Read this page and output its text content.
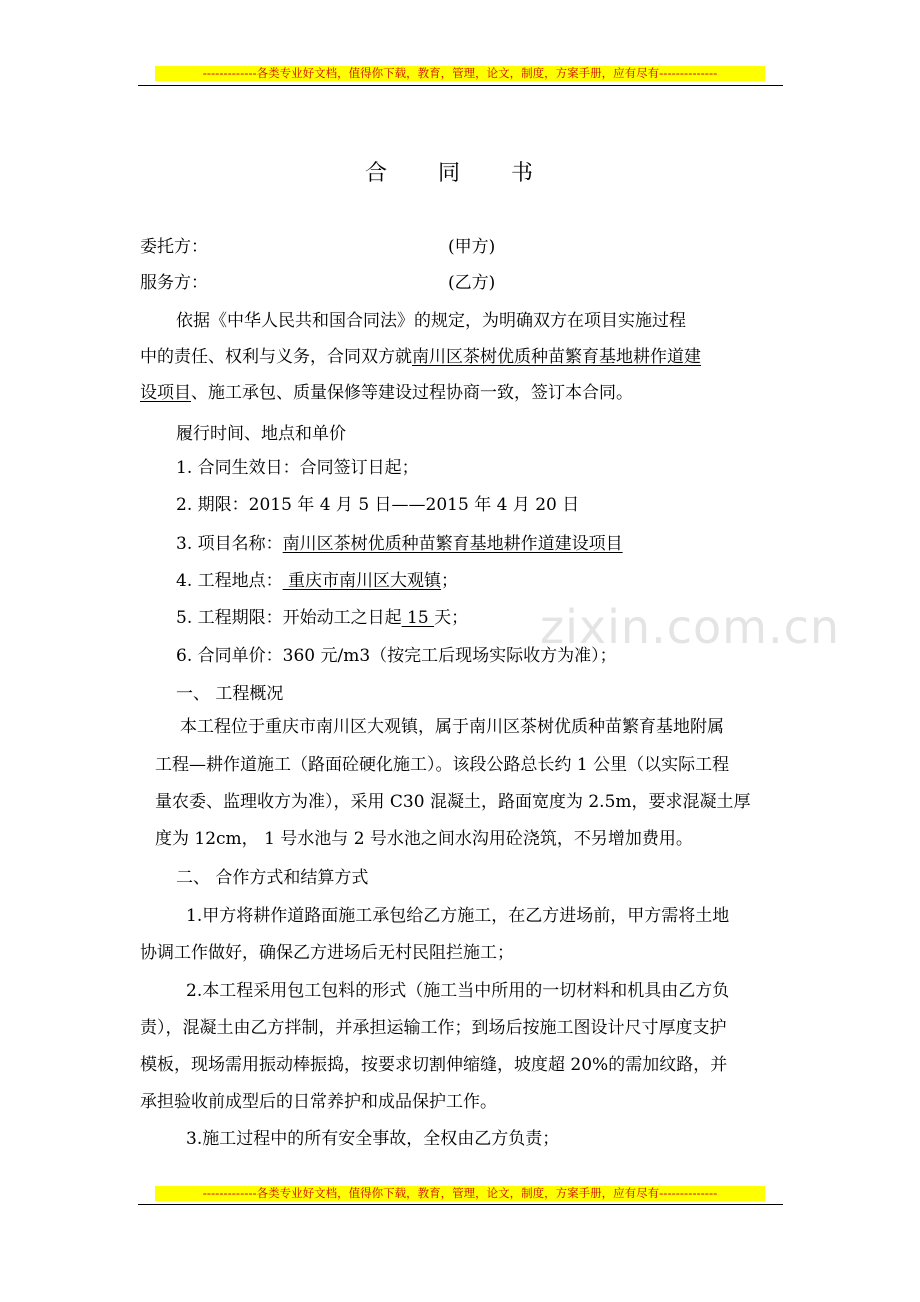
-------------各类专业好文档，值得你下载，教育，管理，论文，制度，方案手册，应有尽有--------------
zixin.com.cn
合 同 书
委托方：	(甲方)
服务方：	(乙方)
依据《中华人民共和国合同法》的规定，为明确双方在项目实施过程
中的责任、权利与义务，合同双方就南川区茶树优质种苗繁育基地耕作道建
设项目、施工承包、质量保修等建设过程协商一致，签订本合同。
履行时间、地点和单价
1. 合同生效日：合同签订日起；
2. 期限：2015 年 4 月 5 日——2015 年 4 月 20 日
3. 项目名称：南川区茶树优质种苗繁育基地耕作道建设项目
4. 工程地点： 重庆市南川区大观镇；
5. 工程期限：开始动工之日起 15 天；
6. 合同单价：360 元/m3（按完工后现场实际收方为准）；
一、 工程概况
本工程位于重庆市南川区大观镇，属于南川区茶树优质种苗繁育基地附属
工程—耕作道施工（路面砼硬化施工）。该段公路总长约 1 公里（以实际工程
量农委、监理收方为准），采用 C30 混凝土，路面宽度为 2.5m，要求混凝土厚
度为 12cm， 1 号水池与 2 号水池之间水沟用砼浇筑，不另增加费用。
二、 合作方式和结算方式
1.甲方将耕作道路面施工承包给乙方施工，在乙方进场前，甲方需将土地
协调工作做好，确保乙方进场后无村民阻拦施工；
2.本工程采用包工包料的形式（施工当中所用的一切材料和机具由乙方负
责），混凝土由乙方拌制，并承担运输工作；到场后按施工图设计尺寸厚度支护
模板，现场需用振动棒振捣，按要求切割伸缩缝，坡度超 20%的需加纹路，并
承担验收前成型后的日常养护和成品保护工作。
3.施工过程中的所有安全事故，全权由乙方负责；
-------------各类专业好文档，值得你下载，教育，管理，论文，制度，方案手册，应有尽有--------------
